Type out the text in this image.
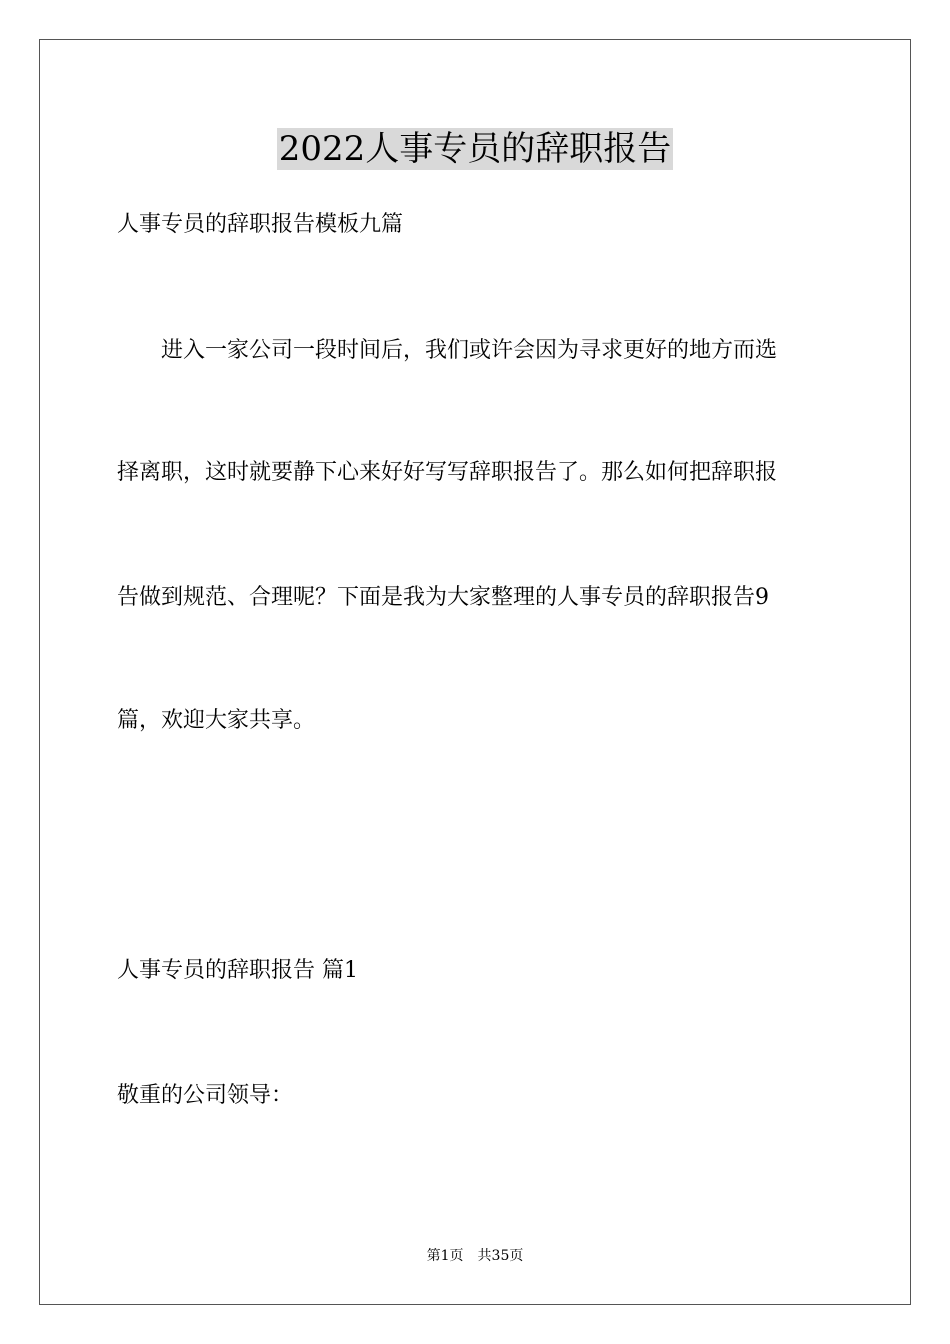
2022人事专员的辞职报告
人事专员的辞职报告模板九篇
　　进入一家公司一段时间后，我们或许会因为寻求更好的地方而选
择离职，这时就要静下心来好好写写辞职报告了。那么如何把辞职报
告做到规范、合理呢？下面是我为大家整理的人事专员的辞职报告9
篇，欢迎大家共享。
人事专员的辞职报告 篇1
敬重的公司领导：
第1页　共35页
